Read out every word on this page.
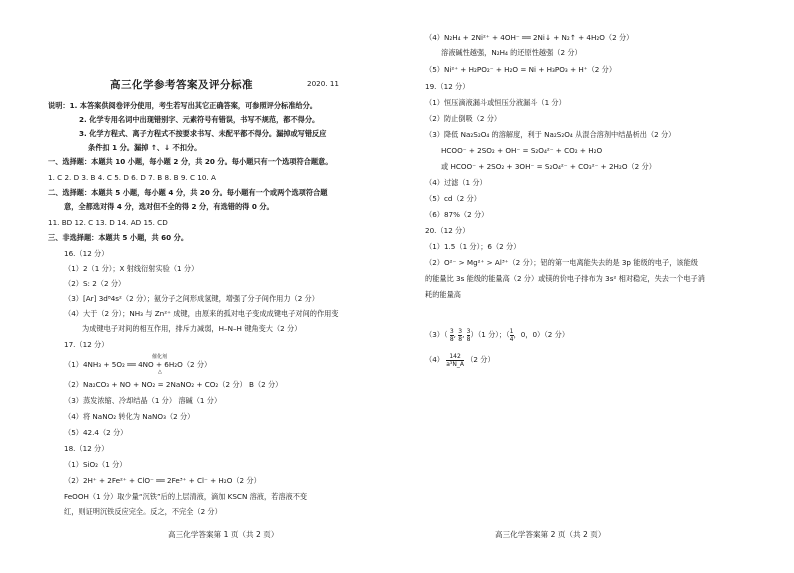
高三化学参考答案及评分标准	2020. 11
说明：1. 本答案供阅卷评分使用，考生若写出其它正确答案，可参照评分标准给分。
2. 化学专用名词中出现错别字、元素符号有错误，书写不规范，都不得分。
3. 化学方程式、离子方程式不按要求书写、未配平都不得分。漏掉或写错反应
条件扣 1 分。漏掉 ↑、↓ 不扣分。
一、选择题：本题共 10 小题，每小题 2 分，共 20 分。每小题只有一个选项符合题意。
1. C 2. D 3. B 4. C 5. D 6. D 7. B 8. B 9. C 10. A
二、选择题：本题共 5 小题，每小题 4 分，共 20 分。每小题有一个或两个选项符合题
意，全都选对得 4 分，选对但不全的得 2 分，有选错的得 0 分。
11. BD 12. C 13. D 14. AD 15. CD
三、非选择题：本题共 5 小题，共 60 分。
16.（12 分）
（1）2（1 分）；X 射线衍射实验（1 分）
（2）S: 2（2 分）
（3）[Ar] 3d⁸4s²（2 分）；氨分子之间形成氢键，增强了分子间作用力（2 分）
（4）大于（2 分）；NH₃ 与 Zn²⁺ 成键，由原来的孤对电子变成成键电子对间的作用变
为成键电子对间的相互作用，排斥力减弱，H–N–H 键角变大（2 分）
17.（12 分）
（1）4NH₃ + 5O₂ ══ 4NO + 6H₂O（2 分）
催化剂
△
（2）Na₂CO₃ + NO + NO₂ = 2NaNO₂ + CO₂（2 分） B（2 分）
（3）蒸发浓缩、冷却结晶（1 分） 溶碱（1 分）
（4）将 NaNO₂ 转化为 NaNO₃（2 分）
（5）42.4（2 分）
18.（12 分）
（1）SiO₂（1 分）
（2）2H⁺ + 2Fe²⁺ + ClO⁻ ══ 2Fe³⁺ + Cl⁻ + H₂O（2 分）
FeOOH（1 分）取少量“沉铁”后的上层清液，滴加 KSCN 溶液，若溶液不变
红，则证明沉铁反应完全。反之，不完全（2 分）
高三化学答案第 1 页（共 2 页）
（4）N₂H₄ + 2Ni²⁺ + 4OH⁻ ══ 2Ni↓ + N₂↑ + 4H₂O（2 分）
溶液碱性越强，N₂H₄ 的还原性越强（2 分）
（5）Ni²⁺ + H₂PO₂⁻ + H₂O = Ni + H₃PO₃ + H⁺（2 分）
19.（12 分）
（1）恒压滴液漏斗或恒压分液漏斗（1 分）
（2）防止倒吸（2 分）
（3）降低 Na₂S₂O₄ 的溶解度，利于 Na₂S₂O₄ 从混合溶剂中结晶析出（2 分）
HCOO⁻ + 2SO₂ + OH⁻ = S₂O₄²⁻ + CO₂ + H₂O
或 HCOO⁻ + 2SO₂ + 3OH⁻ = S₂O₄²⁻ + CO₃²⁻ + 2H₂O（2 分）
（4）过滤（1 分）
（5）cd（2 分）
（6）87%（2 分）
20.（12 分）
（1）1.5（1 分）；6（2 分）
（2）O²⁻ > Mg²⁺ > Al³⁺（2 分）；铝的第一电离能失去的是 3p 能级的电子，该能级
的能量比 3s 能级的能量高（2 分）或镁的价电子排布为 3s² 相对稳定，失去一个电子消
耗的能量高
$(3)( \frac{3}{8}$ , $\frac{3}{8}$ , $\frac{3}{8} )(1$ 分）；（ $\frac{1}{4}$ ，0，0）（2 分）
$(4) \frac{142}{\text{a³N\_A}} (2$ 分）
高三化学答案第 2 页（共 2 页）
